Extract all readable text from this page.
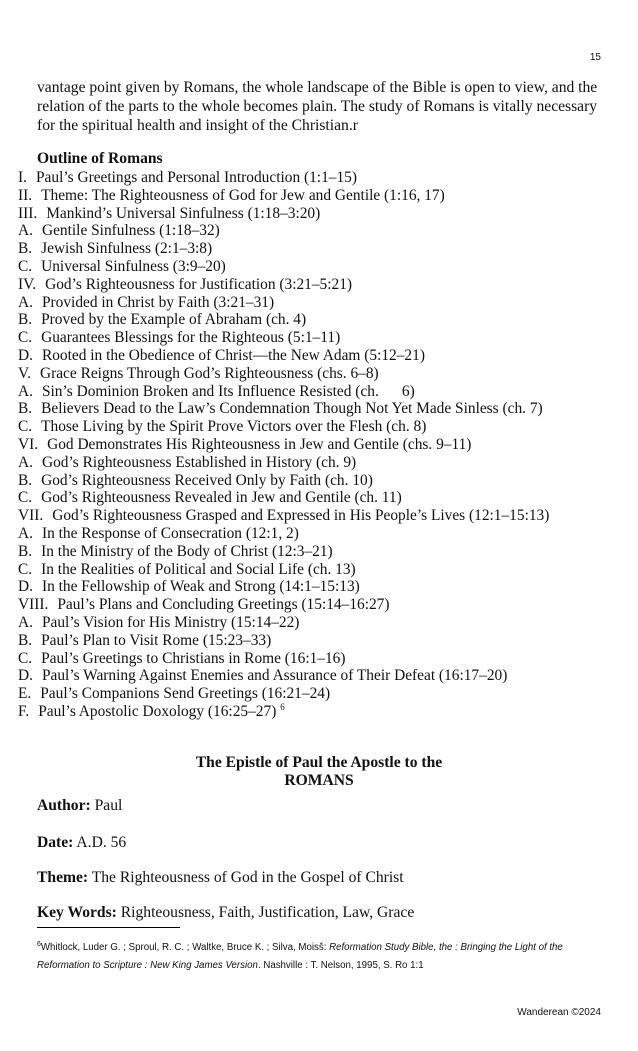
15
vantage point given by Romans, the whole landscape of the Bible is open to view, and the relation of the parts to the whole becomes plain. The study of Romans is vitally necessary for the spiritual health and insight of the Christian.r
Outline of Romans
I. Paul’s Greetings and Personal Introduction (1:1–15)
II. Theme: The Righteousness of God for Jew and Gentile (1:16, 17)
III. Mankind’s Universal Sinfulness (1:18–3:20)
A. Gentile Sinfulness (1:18–32)
B. Jewish Sinfulness (2:1–3:8)
C. Universal Sinfulness (3:9–20)
IV. God’s Righteousness for Justification (3:21–5:21)
A. Provided in Christ by Faith (3:21–31)
B. Proved by the Example of Abraham (ch. 4)
C. Guarantees Blessings for the Righteous (5:1–11)
D. Rooted in the Obedience of Christ—the New Adam (5:12–21)
V. Grace Reigns Through God’s Righteousness (chs. 6–8)
A. Sin’s Dominion Broken and Its Influence Resisted (ch.      6)
B. Believers Dead to the Law’s Condemnation Though Not Yet Made Sinless (ch. 7)
C. Those Living by the Spirit Prove Victors over the Flesh (ch. 8)
VI. God Demonstrates His Righteousness in Jew and Gentile (chs. 9–11)
A. God’s Righteousness Established in History (ch. 9)
B. God’s Righteousness Received Only by Faith (ch. 10)
C. God’s Righteousness Revealed in Jew and Gentile (ch. 11)
VII. God’s Righteousness Grasped and Expressed in His People’s Lives (12:1–15:13)
A. In the Response of Consecration (12:1, 2)
B. In the Ministry of the Body of Christ (12:3–21)
C. In the Realities of Political and Social Life (ch. 13)
D. In the Fellowship of Weak and Strong (14:1–15:13)
VIII. Paul’s Plans and Concluding Greetings (15:14–16:27)
A. Paul’s Vision for His Ministry (15:14–22)
B. Paul’s Plan to Visit Rome (15:23–33)
C. Paul’s Greetings to Christians in Rome (16:1–16)
D. Paul’s Warning Against Enemies and Assurance of Their Defeat (16:17–20)
E. Paul’s Companions Send Greetings (16:21–24)
F. Paul’s Apostolic Doxology (16:25–27) $^6$
The Epistle of Paul the Apostle to the
ROMANS
Author: Paul
Date: A.D. 56
Theme: The Righteousness of God in the Gospel of Christ
Key Words: Righteousness, Faith, Justification, Law, Grace
$^6$Whitlock, Luder G. ; Sproul, R. C. ; Waltke, Bruce K. ; Silva, Moisš: Reformation Study Bible, the : Bringing the Light of the Reformation to Scripture : New King James Version. Nashville : T. Nelson, 1995, S. Ro 1:1
Wanderean ©2024
